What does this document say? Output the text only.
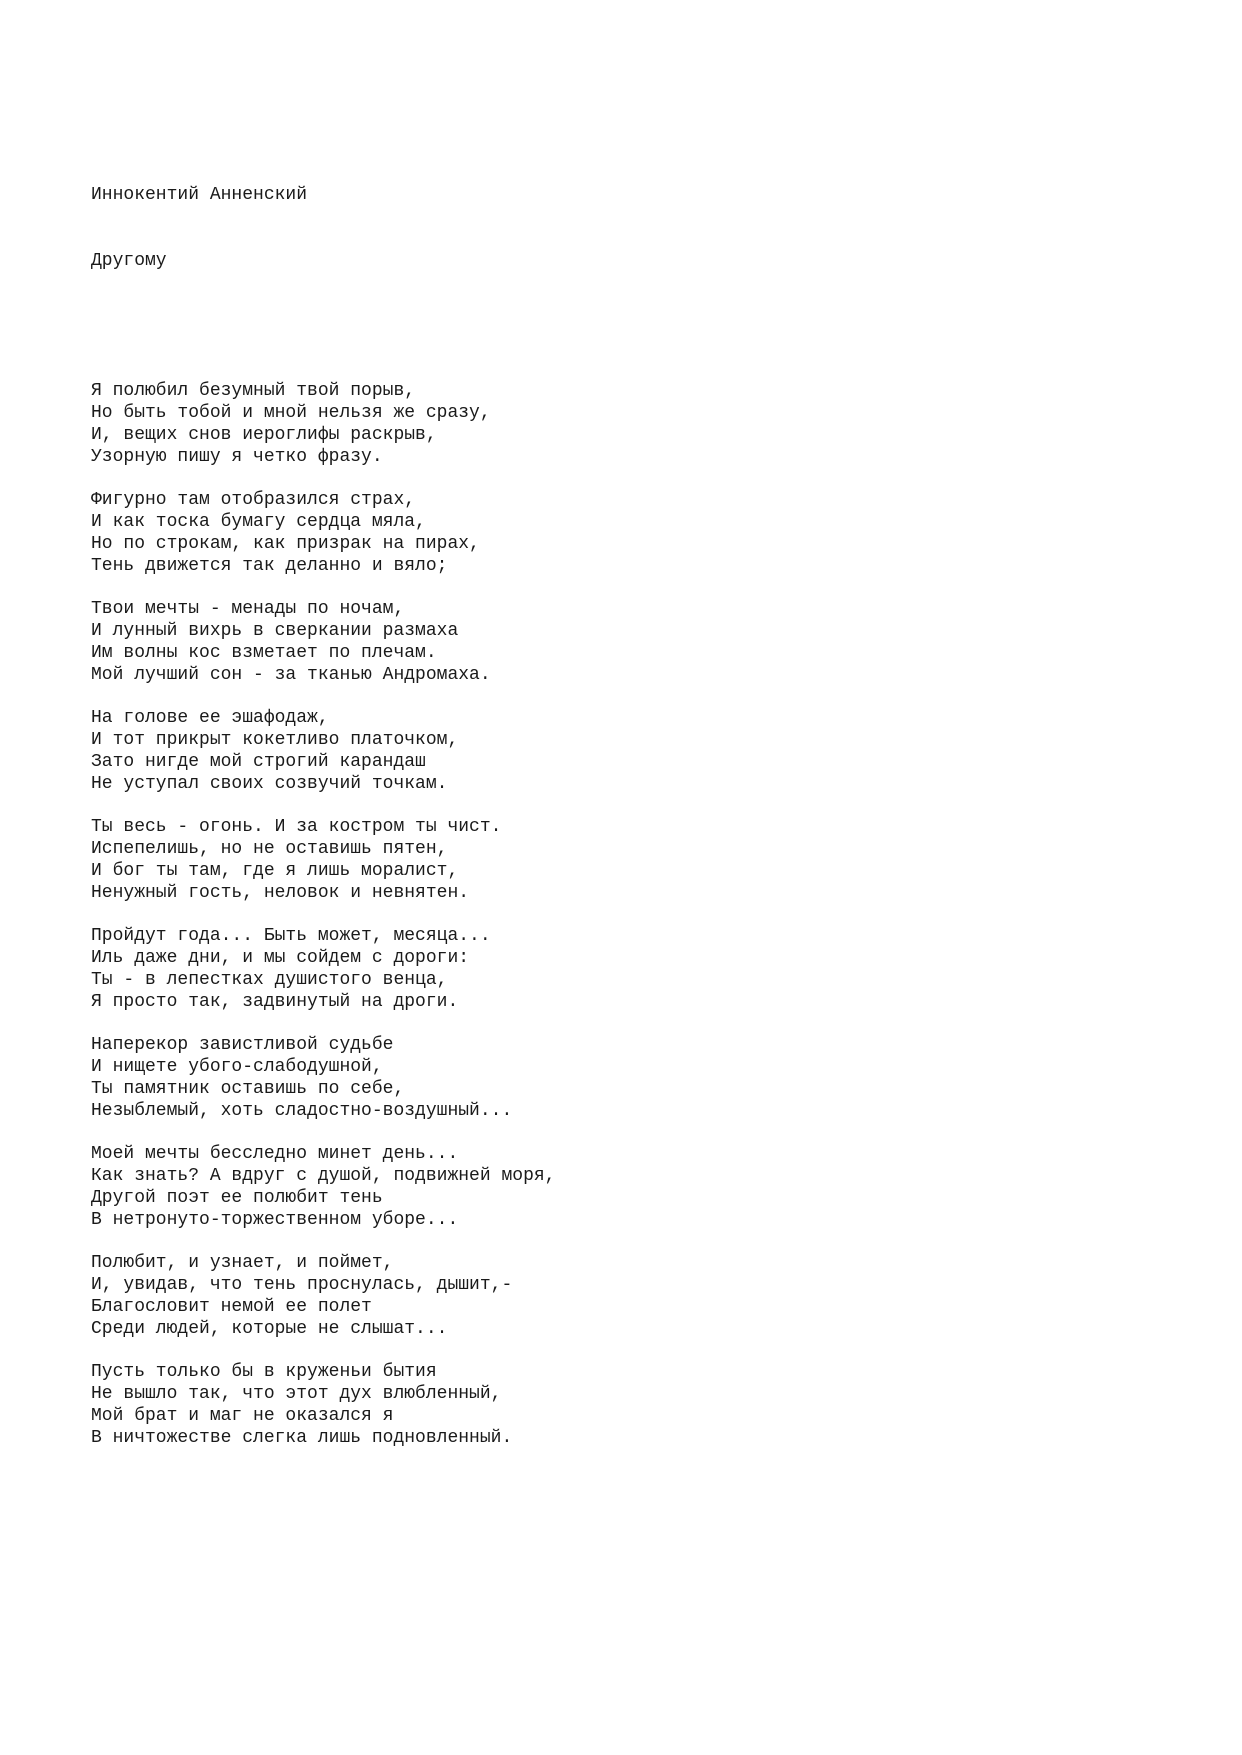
Иннокентий Анненский

Другому

Я полюбил безумный твой порыв,
Но быть тобой и мной нельзя же сразу,
И, вещих снов иероглифы раскрыв,
Узорную пишу я четко фразу.
Фигурно там отобразился страх,
И как тоска бумагу сердца мяла,
Но по строкам, как призрак на пирах,
Тень движется так деланно и вяло;
Твои мечты - менады по ночам,
И лунный вихрь в сверкании размаха
Им волны кос взметает по плечам.
Мой лучший сон - за тканью Андромаха.
На голове ее эшафодаж,
И тот прикрыт кокетливо платочком,
Зато нигде мой строгий карандаш
Не уступал своих созвучий точкам.
Ты весь - огонь. И за костром ты чист.
Испепелишь, но не оставишь пятен,
И бог ты там, где я лишь моралист,
Ненужный гость, неловок и невнятен.
Пройдут года... Быть может, месяца...
Иль даже дни, и мы сойдем с дороги:
Ты - в лепестках душистого венца,
Я просто так, задвинутый на дроги.
Наперекор завистливой судьбе
И нищете убого-слабодушной,
Ты памятник оставишь по себе,
Незыблемый, хоть сладостно-воздушный...
Моей мечты бесследно минет день...
Как знать? А вдруг с душой, подвижней моря,
Другой поэт ее полюбит тень
В нетронуто-торжественном уборе...
Полюбит, и узнает, и поймет,
И, увидав, что тень проснулась, дышит,-
Благословит немой ее полет
Среди людей, которые не слышат...
Пусть только бы в круженьи бытия
Не вышло так, что этот дух влюбленный,
Мой брат и маг не оказался я
В ничтожестве слегка лишь подновленный.
